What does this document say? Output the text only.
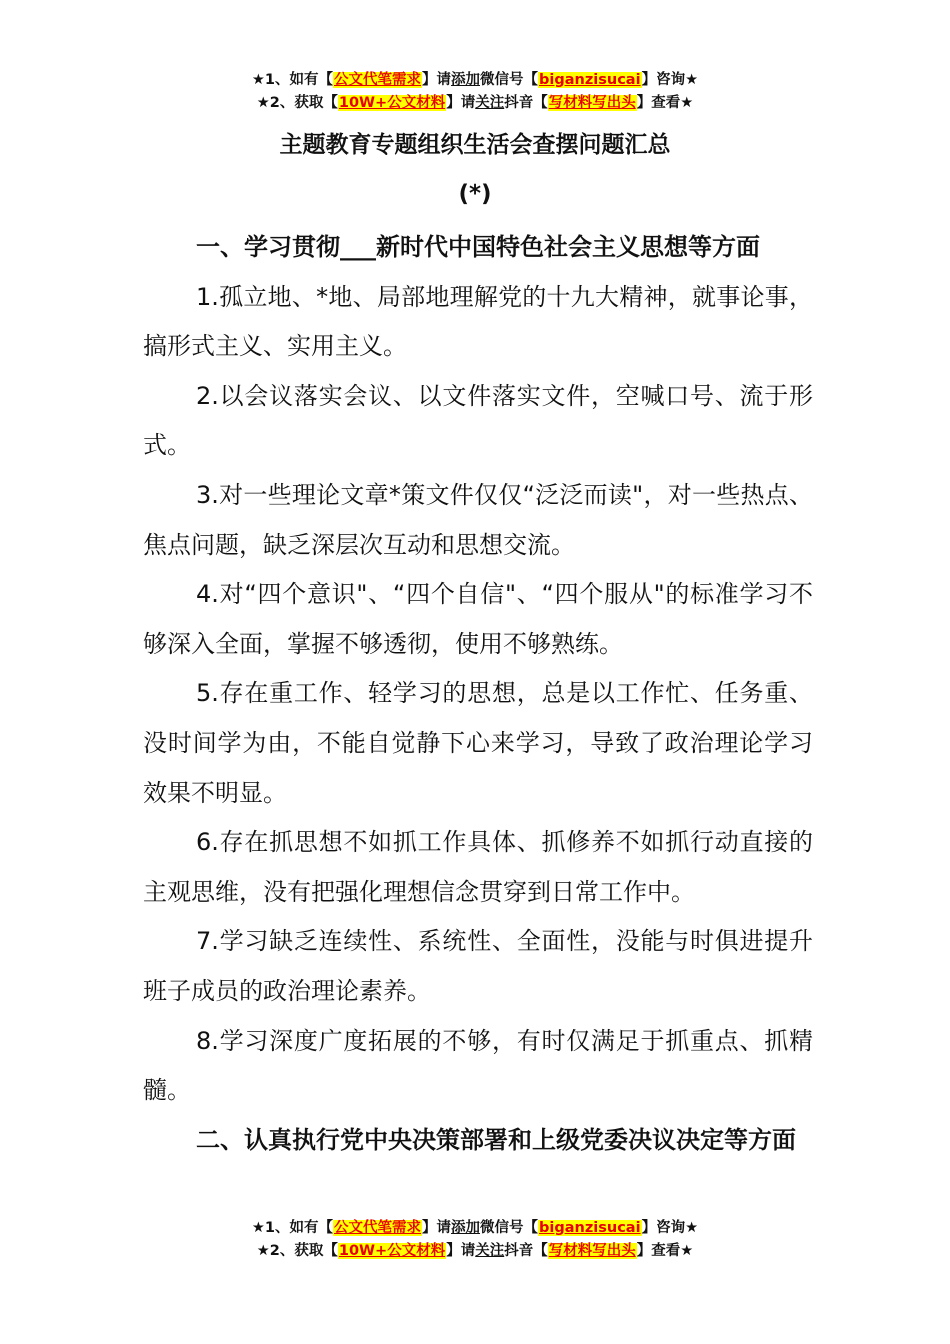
★1、如有【公文代笔需求】请添加微信号【biganzisucai】咨询★
★2、获取【10W+公文材料】请关注抖音【写材料写出头】查看★
主题教育专题组织生活会查摆问题汇总
(*)

一、学习贯彻___新时代中国特色社会主义思想等方面

1.孤立地、*地、局部地理解党的十九大精神，就事论事，搞形式主义、实用主义。

2.以会议落实会议、以文件落实文件，空喊口号、流于形式。

3.对一些理论文章*策文件仅仅“泛泛而读"，对一些热点、焦点问题，缺乏深层次互动和思想交流。

4.对“四个意识"、“四个自信"、“四个服从"的标准学习不够深入全面，掌握不够透彻，使用不够熟练。

5.存在重工作、轻学习的思想，总是以工作忙、任务重、没时间学为由，不能自觉静下心来学习，导致了政治理论学习效果不明显。

6.存在抓思想不如抓工作具体、抓修养不如抓行动直接的主观思维，没有把强化理想信念贯穿到日常工作中。

7.学习缺乏连续性、系统性、全面性，没能与时俱进提升班子成员的政治理论素养。

8.学习深度广度拓展的不够，有时仅满足于抓重点、抓精髓。

二、认真执行党中央决策部署和上级党委决议决定等方面

★1、如有【公文代笔需求】请添加微信号【biganzisucai】咨询★
★2、获取【10W+公文材料】请关注抖音【写材料写出头】查看★
